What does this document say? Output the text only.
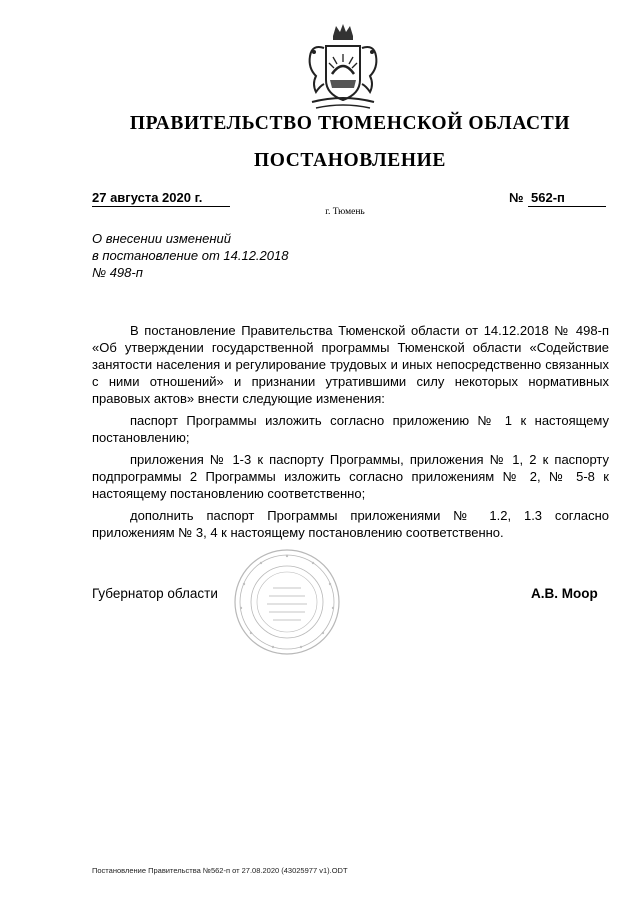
ПРАВИТЕЛЬСТВО ТЮМЕНСКОЙ ОБЛАСТИ
ПОСТАНОВЛЕНИЕ
27 августа 2020 г.	№ 562-п
г. Тюмень
О внесении изменений
в постановление от 14.12.2018
№ 498-п

В постановление Правительства Тюменской области от 14.12.2018 № 498-п «Об утверждении государственной программы Тюменской области «Содействие занятости населения и регулирование трудовых и иных непосредственно связанных с ними отношений» и признании утратившими силу некоторых нормативных правовых актов» внести следующие изменения:

паспорт Программы изложить согласно приложению № 1 к настоящему постановлению;

приложения № 1-3 к паспорту Программы, приложения № 1, 2 к паспорту подпрограммы 2 Программы изложить согласно приложениям № 2, № 5-8 к настоящему постановлению соответственно;

дополнить паспорт Программы приложениями № 1.2, 1.3 согласно приложениям № 3, 4 к настоящему постановлению соответственно.

Губернатор области	А.В. Моор
Постановление Правительства №562-п от 27.08.2020 (43025977 v1).ODT
